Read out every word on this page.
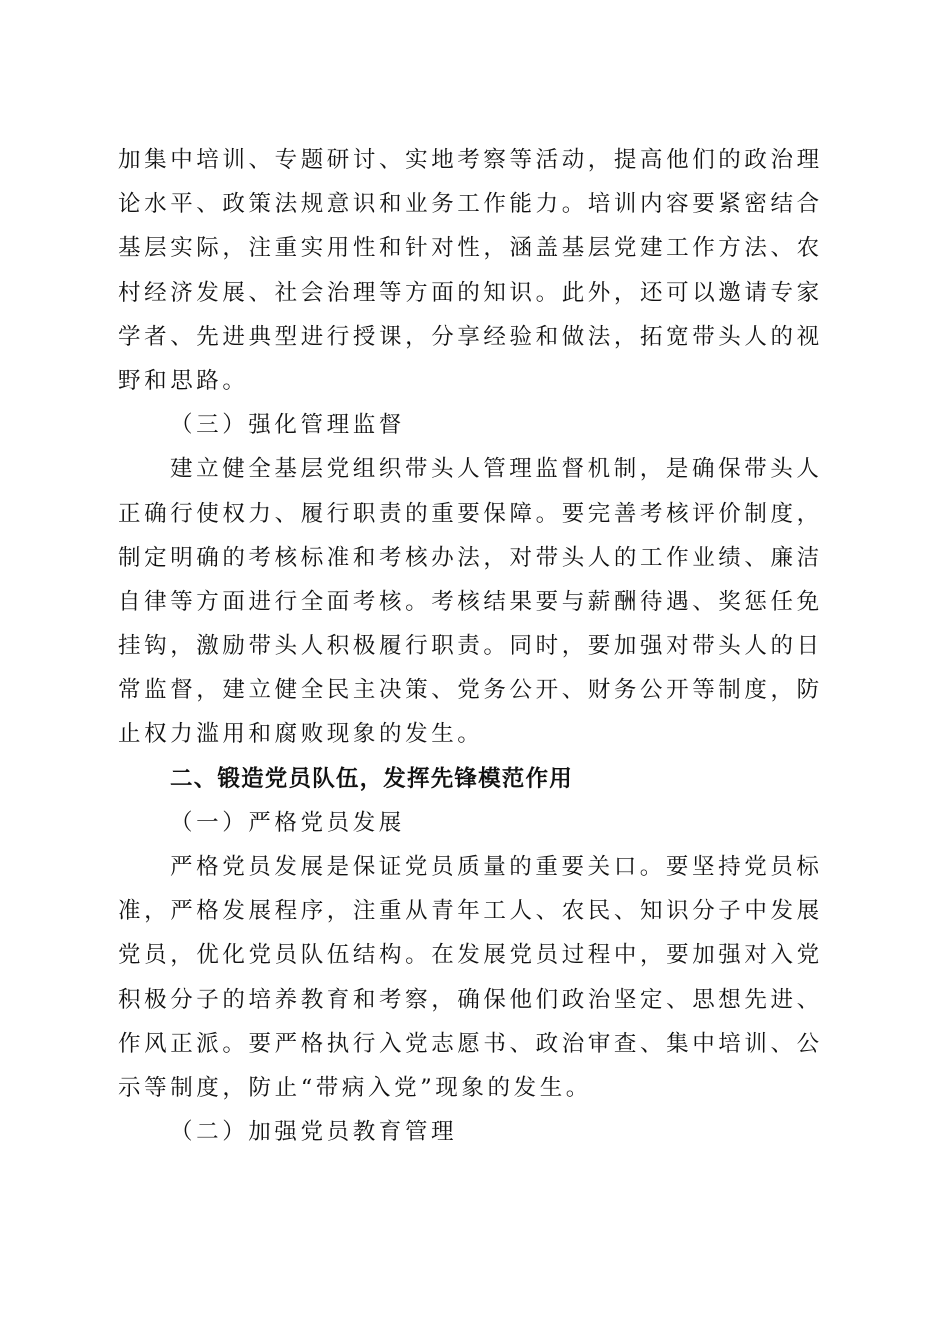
加集中培训、专题研讨、实地考察等活动，提高他们的政治理
论水平、政策法规意识和业务工作能力。培训内容要紧密结合
基层实际，注重实用性和针对性，涵盖基层党建工作方法、农
村经济发展、社会治理等方面的知识。此外，还可以邀请专家
学者、先进典型进行授课，分享经验和做法，拓宽带头人的视
野和思路。
（三）强化管理监督
建立健全基层党组织带头人管理监督机制，是确保带头人
正确行使权力、履行职责的重要保障。要完善考核评价制度，
制定明确的考核标准和考核办法，对带头人的工作业绩、廉洁
自律等方面进行全面考核。考核结果要与薪酬待遇、奖惩任免
挂钩，激励带头人积极履行职责。同时，要加强对带头人的日
常监督，建立健全民主决策、党务公开、财务公开等制度，防
止权力滥用和腐败现象的发生。
二、锻造党员队伍，发挥先锋模范作用
（一）严格党员发展
严格党员发展是保证党员质量的重要关口。要坚持党员标
准，严格发展程序，注重从青年工人、农民、知识分子中发展
党员，优化党员队伍结构。在发展党员过程中，要加强对入党
积极分子的培养教育和考察，确保他们政治坚定、思想先进、
作风正派。要严格执行入党志愿书、政治审查、集中培训、公
示等制度，防止“带病入党”现象的发生。
（二）加强党员教育管理
